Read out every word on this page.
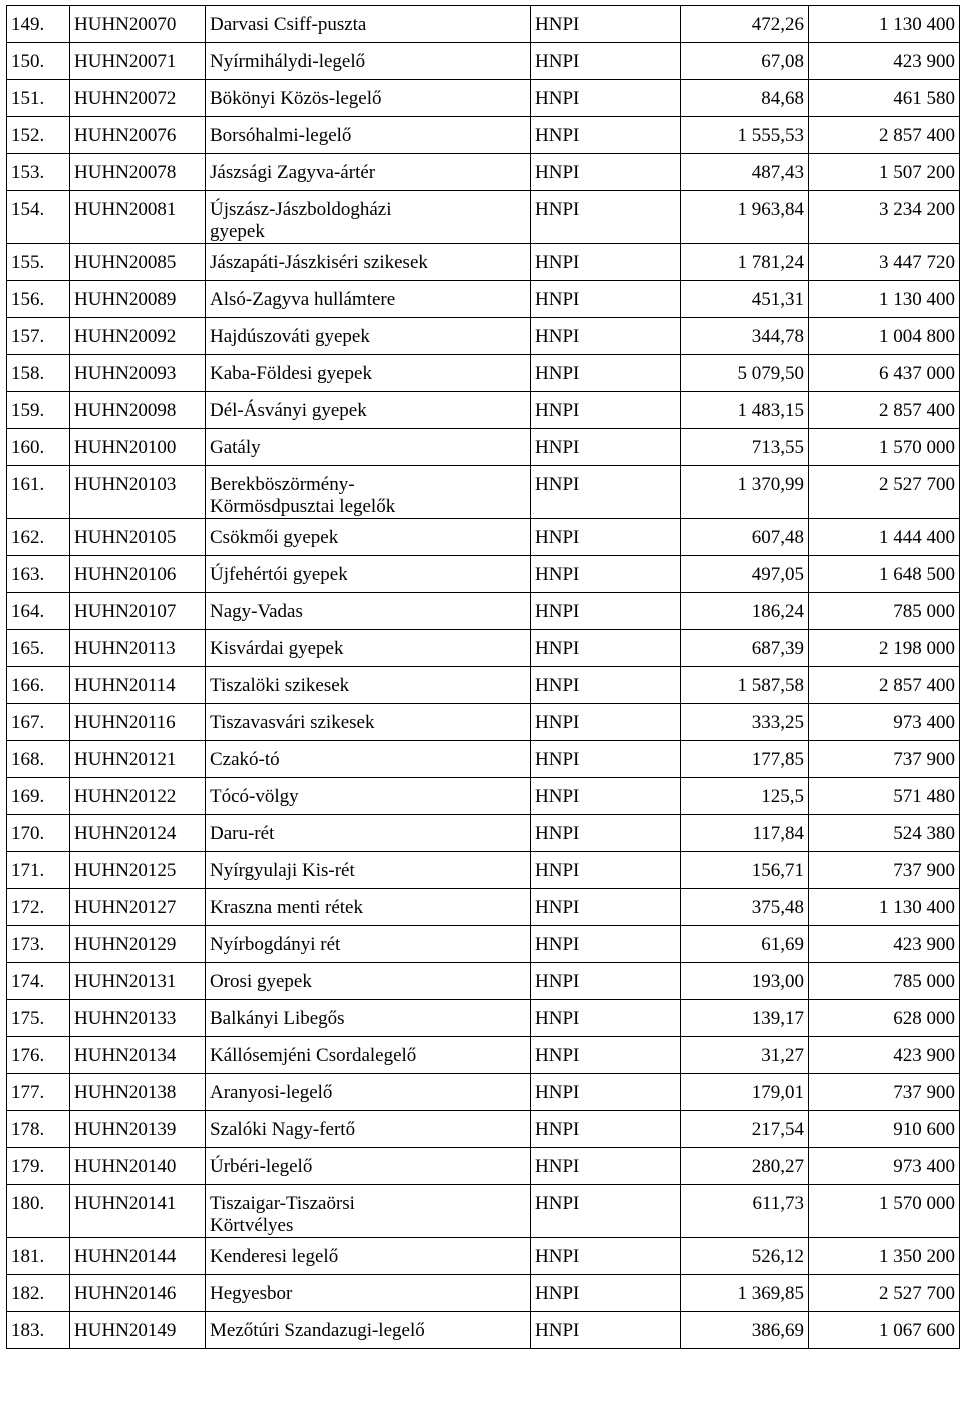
149.	HUHN20070	Darvasi Csiff-puszta	HNPI	472,26	1 130 400
150.	HUHN20071	Nyírmihálydi-legelő	HNPI	67,08	423 900
151.	HUHN20072	Bökönyi Közös-legelő	HNPI	84,68	461 580
152.	HUHN20076	Borsóhalmi-legelő	HNPI	1 555,53	2 857 400
153.	HUHN20078	Jászsági Zagyva-ártér	HNPI	487,43	1 507 200
154.	HUHN20081	Újszász-Jászboldogházi
gyepek	HNPI	1 963,84	3 234 200
155.	HUHN20085	Jászapáti-Jászkiséri szikesek	HNPI	1 781,24	3 447 720
156.	HUHN20089	Alsó-Zagyva hullámtere	HNPI	451,31	1 130 400
157.	HUHN20092	Hajdúszováti gyepek	HNPI	344,78	1 004 800
158.	HUHN20093	Kaba-Földesi gyepek	HNPI	5 079,50	6 437 000
159.	HUHN20098	Dél-Ásványi gyepek	HNPI	1 483,15	2 857 400
160.	HUHN20100	Gatály	HNPI	713,55	1 570 000
161.	HUHN20103	Berekböszörmény-
Körmösdpusztai legelők	HNPI	1 370,99	2 527 700
162.	HUHN20105	Csökmői gyepek	HNPI	607,48	1 444 400
163.	HUHN20106	Újfehértói gyepek	HNPI	497,05	1 648 500
164.	HUHN20107	Nagy-Vadas	HNPI	186,24	785 000
165.	HUHN20113	Kisvárdai gyepek	HNPI	687,39	2 198 000
166.	HUHN20114	Tiszalöki szikesek	HNPI	1 587,58	2 857 400
167.	HUHN20116	Tiszavasvári szikesek	HNPI	333,25	973 400
168.	HUHN20121	Czakó-tó	HNPI	177,85	737 900
169.	HUHN20122	Tócó-völgy	HNPI	125,5	571 480
170.	HUHN20124	Daru-rét	HNPI	117,84	524 380
171.	HUHN20125	Nyírgyulaji Kis-rét	HNPI	156,71	737 900
172.	HUHN20127	Kraszna menti rétek	HNPI	375,48	1 130 400
173.	HUHN20129	Nyírbogdányi rét	HNPI	61,69	423 900
174.	HUHN20131	Orosi gyepek	HNPI	193,00	785 000
175.	HUHN20133	Balkányi Libegős	HNPI	139,17	628 000
176.	HUHN20134	Kállósemjéni Csordalegelő	HNPI	31,27	423 900
177.	HUHN20138	Aranyosi-legelő	HNPI	179,01	737 900
178.	HUHN20139	Szalóki Nagy-fertő	HNPI	217,54	910 600
179.	HUHN20140	Úrbéri-legelő	HNPI	280,27	973 400
180.	HUHN20141	Tiszaigar-Tiszaörsi
Körtvélyes	HNPI	611,73	1 570 000
181.	HUHN20144	Kenderesi legelő	HNPI	526,12	1 350 200
182.	HUHN20146	Hegyesbor	HNPI	1 369,85	2 527 700
183.	HUHN20149	Mezőtúri Szandazugi-legelő	HNPI	386,69	1 067 600
